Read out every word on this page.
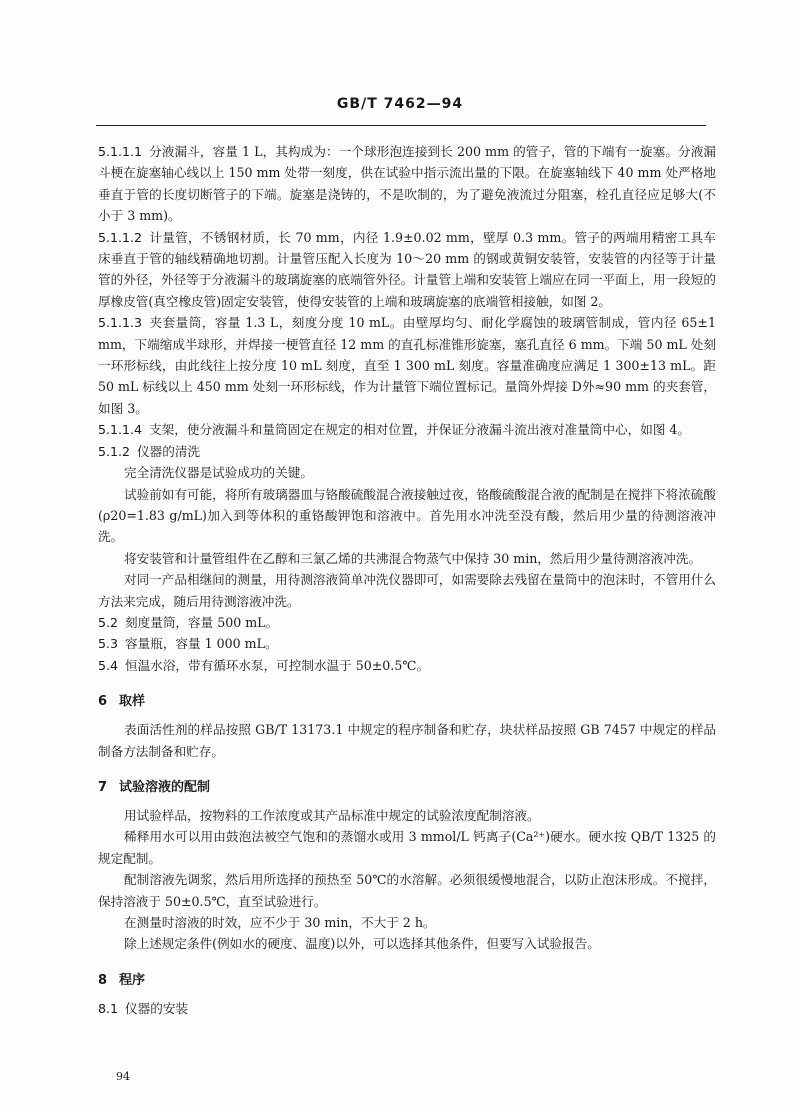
GB/T 7462—94

5.1.1.1 分液漏斗，容量 1 L，其构成为：一个球形泡连接到长 200 mm 的管子，管的下端有一旋塞。分液漏斗梗在旋塞轴心线以上 150 mm 处带一刻度，供在试验中指示流出量的下限。在旋塞轴线下 40 mm 处严格地垂直于管的长度切断管子的下端。旋塞是浇铸的，不是吹制的，为了避免液流过分阻塞，栓孔直径应足够大(不小于 3 mm)。

5.1.1.2 计量管，不锈钢材质，长 70 mm，内径 1.9±0.02 mm，壁厚 0.3 mm。管子的两端用精密工具车床垂直于管的轴线精确地切割。计量管压配入长度为 10～20 mm 的钢或黄铜安装管，安装管的内径等于计量管的外径，外径等于分液漏斗的玻璃旋塞的底端管外径。计量管上端和安装管上端应在同一平面上，用一段短的厚橡皮管(真空橡皮管)固定安装管，使得安装管的上端和玻璃旋塞的底端管相接触，如图 2。

5.1.1.3 夹套量筒，容量 1.3 L，刻度分度 10 mL。由壁厚均匀、耐化学腐蚀的玻璃管制成，管内径 65±1 mm，下端缩成半球形，并焊接一梗管直径 12 mm 的直孔标准锥形旋塞，塞孔直径 6 mm。下端 50 mL 处刻一环形标线，由此线往上按分度 10 mL 刻度，直至 1 300 mL 刻度。容量准确度应满足 1 300±13 mL。距 50 mL 标线以上 450 mm 处刻一环形标线，作为计量管下端位置标记。量筒外焊接 D外≈90 mm 的夹套管，如图 3。

5.1.1.4 支架，使分液漏斗和量筒固定在规定的相对位置，并保证分液漏斗流出液对准量筒中心，如图 4。

5.1.2 仪器的清洗

完全清洗仪器是试验成功的关键。

试验前如有可能，将所有玻璃器皿与铬酸硫酸混合液接触过夜，铬酸硫酸混合液的配制是在搅拌下将浓硫酸(ρ20=1.83 g/mL)加入到等体积的重铬酸钾饱和溶液中。首先用水冲洗至没有酸，然后用少量的待测溶液冲洗。

将安装管和计量管组件在乙醇和三氯乙烯的共沸混合物蒸气中保持 30 min，然后用少量待测溶液冲洗。

对同一产品相继间的测量，用待测溶液简单冲洗仪器即可，如需要除去残留在量筒中的泡沫时，不管用什么方法来完成，随后用待测溶液冲洗。

5.2 刻度量筒，容量 500 mL。

5.3 容量瓶，容量 1 000 mL。

5.4 恒温水浴，带有循环水泵，可控制水温于 50±0.5℃。

6 取样

表面活性剂的样品按照 GB/T 13173.1 中规定的程序制备和贮存，块状样品按照 GB 7457 中规定的样品制备方法制备和贮存。

7 试验溶液的配制

用试验样品，按物料的工作浓度或其产品标准中规定的试验浓度配制溶液。

稀释用水可以用由鼓泡法被空气饱和的蒸馏水或用 3 mmol/L 钙离子(Ca²⁺)硬水。硬水按 QB/T 1325 的规定配制。

配制溶液先调浆，然后用所选择的预热至 50℃的水溶解。必须很缓慢地混合，以防止泡沫形成。不搅拌，保持溶液于 50±0.5℃，直至试验进行。

在测量时溶液的时效，应不少于 30 min，不大于 2 h。

除上述规定条件(例如水的硬度、温度)以外，可以选择其他条件，但要写入试验报告。

8 程序

8.1 仪器的安装

94
